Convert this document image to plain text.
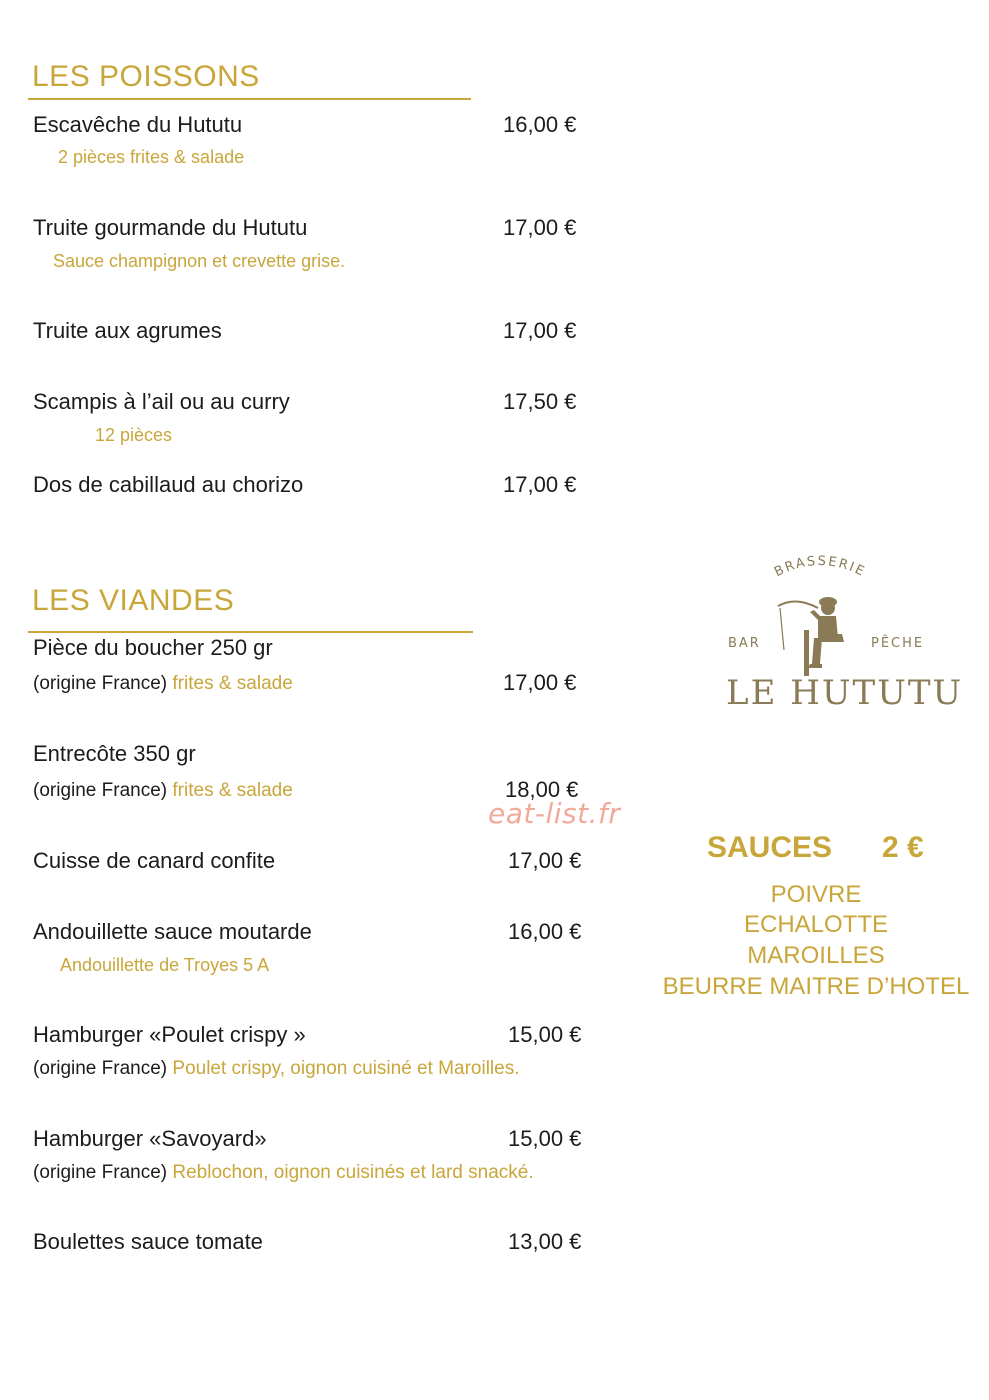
LES POISSONS
Escavêche du Hututu	16,00 €
2 pièces frites & salade
Truite gourmande du Hututu	17,00 €
Sauce champignon et crevette grise.
Truite aux agrumes	17,00 €
Scampis à l’ail ou au curry	17,50 €
12 pièces
Dos de cabillaud au chorizo	17,00 €
LES VIANDES
Pièce du boucher 250 gr
(origine France) frites & salade	17,00 €
Entrecôte 350 gr
(origine France) frites & salade	18,00 €
eat-list.fr
Cuisse de canard confite	17,00 €
Andouillette sauce moutarde	16,00 €
Andouillette de Troyes 5 A
Hamburger «Poulet crispy »	15,00 €
(origine France) Poulet crispy, oignon cuisiné et Maroilles.
Hamburger «Savoyard»	15,00 €
(origine France) Reblochon, oignon cuisinés et lard snacké.
Boulettes sauce tomate	13,00 €
BRASSERIE
BAR	PÊCHE
LE HUTUTU
SAUCES 2 €
POIVRE
ECHALOTTE
MAROILLES
BEURRE MAITRE D’HOTEL
